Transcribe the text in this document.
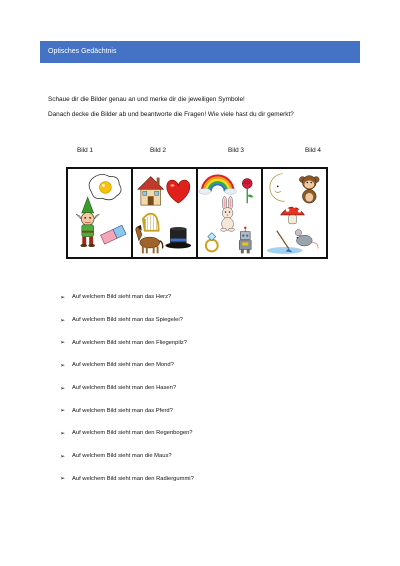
Optisches Gedächtnis
Schaue dir die Bilder genau an und merke dir die jeweiligen Symbole!
Danach decke die Bilder ab und beantworte die Fragen! Wie viele hast du dir gemerkt?
Bild 1	Bild 2	Bild 3	Bild 4
➢	Auf welchem Bild sieht man das Herz?
➢	Auf welchem Bild sieht man das Spiegelei?
➢	Auf welchem Bild sieht man den Fliegenpilz?
➢	Auf welchem Bild sieht man den Mond?
➢	Auf welchem Bild sieht man den Hasen?
➢	Auf welchem Bild sieht man das Pferd?
➢	Auf welchem Bild sieht man den Regenbogen?
➢	Auf welchem Bild sieht man die Maus?
➢	Auf welchem Bild sieht man den Radiergummi?
